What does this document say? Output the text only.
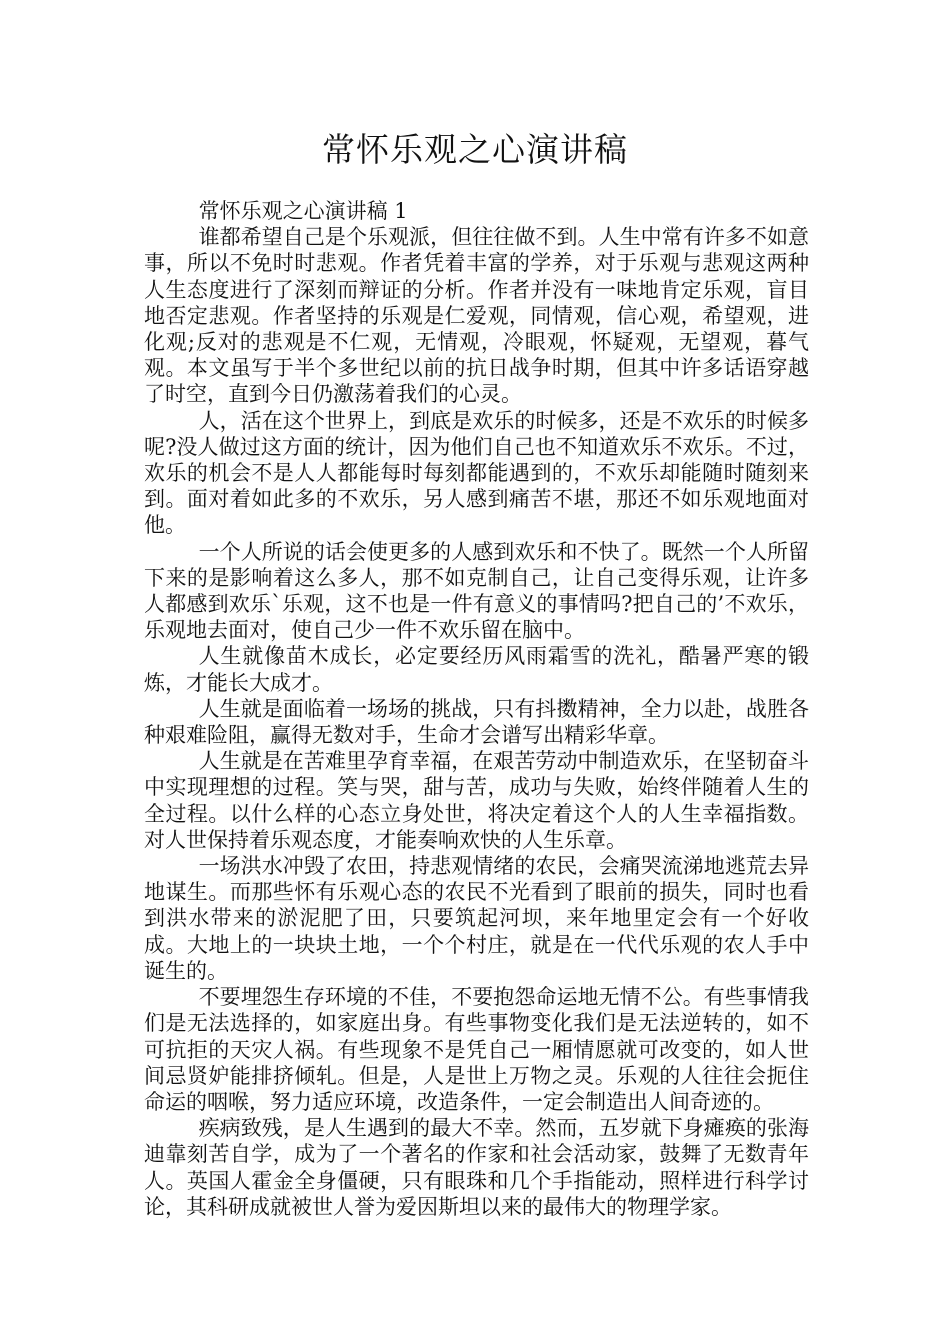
常怀乐观之心演讲稿

常怀乐观之心演讲稿 1

谁都希望自己是个乐观派，但往往做不到。人生中常有许多不如意事，所以不免时时悲观。作者凭着丰富的学养，对于乐观与悲观这两种人生态度进行了深刻而辩证的分析。作者并没有一味地肯定乐观，盲目地否定悲观。作者坚持的乐观是仁爱观，同情观，信心观，希望观，进化观;反对的悲观是不仁观，无情观，冷眼观，怀疑观，无望观，暮气观。本文虽写于半个多世纪以前的抗日战争时期，但其中许多话语穿越了时空，直到今日仍激荡着我们的心灵。

人，活在这个世界上，到底是欢乐的时候多，还是不欢乐的时候多呢?没人做过这方面的统计，因为他们自己也不知道欢乐不欢乐。不过，欢乐的机会不是人人都能每时每刻都能遇到的，不欢乐却能随时随刻来到。面对着如此多的不欢乐，另人感到痛苦不堪，那还不如乐观地面对他。

一个人所说的话会使更多的人感到欢乐和不快了。既然一个人所留下来的是影响着这么多人，那不如克制自己，让自己变得乐观，让许多人都感到欢乐`乐观，这不也是一件有意义的事情吗?把自己的’不欢乐，乐观地去面对，使自己少一件不欢乐留在脑中。

人生就像苗木成长，必定要经历风雨霜雪的洗礼，酷暑严寒的锻炼，才能长大成才。

人生就是面临着一场场的挑战，只有抖擞精神，全力以赴，战胜各种艰难险阻，赢得无数对手，生命才会谱写出精彩华章。

人生就是在苦难里孕育幸福，在艰苦劳动中制造欢乐，在坚韧奋斗中实现理想的过程。笑与哭，甜与苦，成功与失败，始终伴随着人生的全过程。以什么样的心态立身处世，将决定着这个人的人生幸福指数。对人世保持着乐观态度，才能奏响欢快的人生乐章。

一场洪水冲毁了农田，持悲观情绪的农民，会痛哭流涕地逃荒去异地谋生。而那些怀有乐观心态的农民不光看到了眼前的损失，同时也看到洪水带来的淤泥肥了田，只要筑起河坝，来年地里定会有一个好收成。大地上的一块块土地，一个个村庄，就是在一代代乐观的农人手中诞生的。

不要埋怨生存环境的不佳，不要抱怨命运地无情不公。有些事情我们是无法选择的，如家庭出身。有些事物变化我们是无法逆转的，如不可抗拒的天灾人祸。有些现象不是凭自己一厢情愿就可改变的，如人世间忌贤妒能排挤倾轧。但是，人是世上万物之灵。乐观的人往往会扼住命运的咽喉，努力适应环境，改造条件，一定会制造出人间奇迹的。

疾病致残，是人生遇到的最大不幸。然而，五岁就下身瘫痪的张海迪靠刻苦自学，成为了一个著名的作家和社会活动家，鼓舞了无数青年人。英国人霍金全身僵硬，只有眼珠和几个手指能动，照样进行科学讨论，其科研成就被世人誉为爱因斯坦以来的最伟大的物理学家。
